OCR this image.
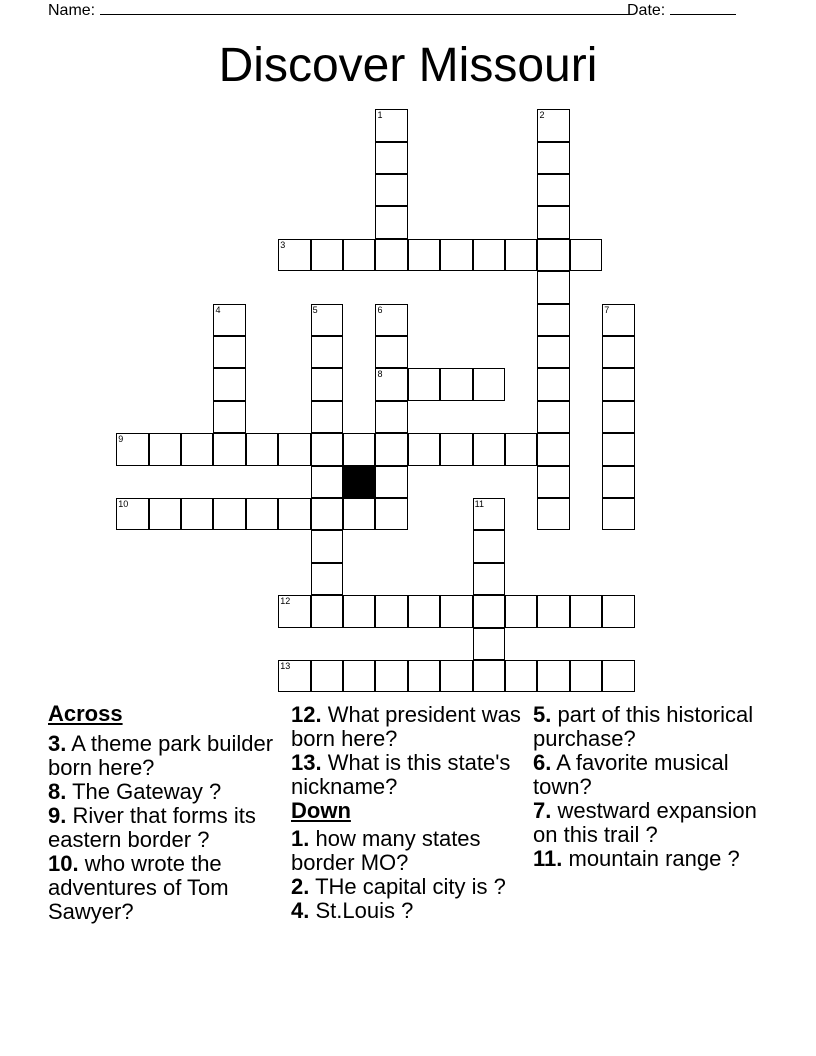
Name:	Date:
Discover Missouri
1	2
3
4	5	6
8
7
9
10	11
12
13
Across

3. A theme park builder born here?

8. The Gateway ?

9. River that forms its eastern border ?

10. who wrote the adventures of Tom Sawyer?

12. What president was born here?

13. What is this state's nickname?

Down

1. how many states border MO?

2. THe capital city is ?

4. St.Louis ?

5. part of this historical purchase?

6. A favorite musical town?

7. westward expansion on this trail ?

11. mountain range ?
